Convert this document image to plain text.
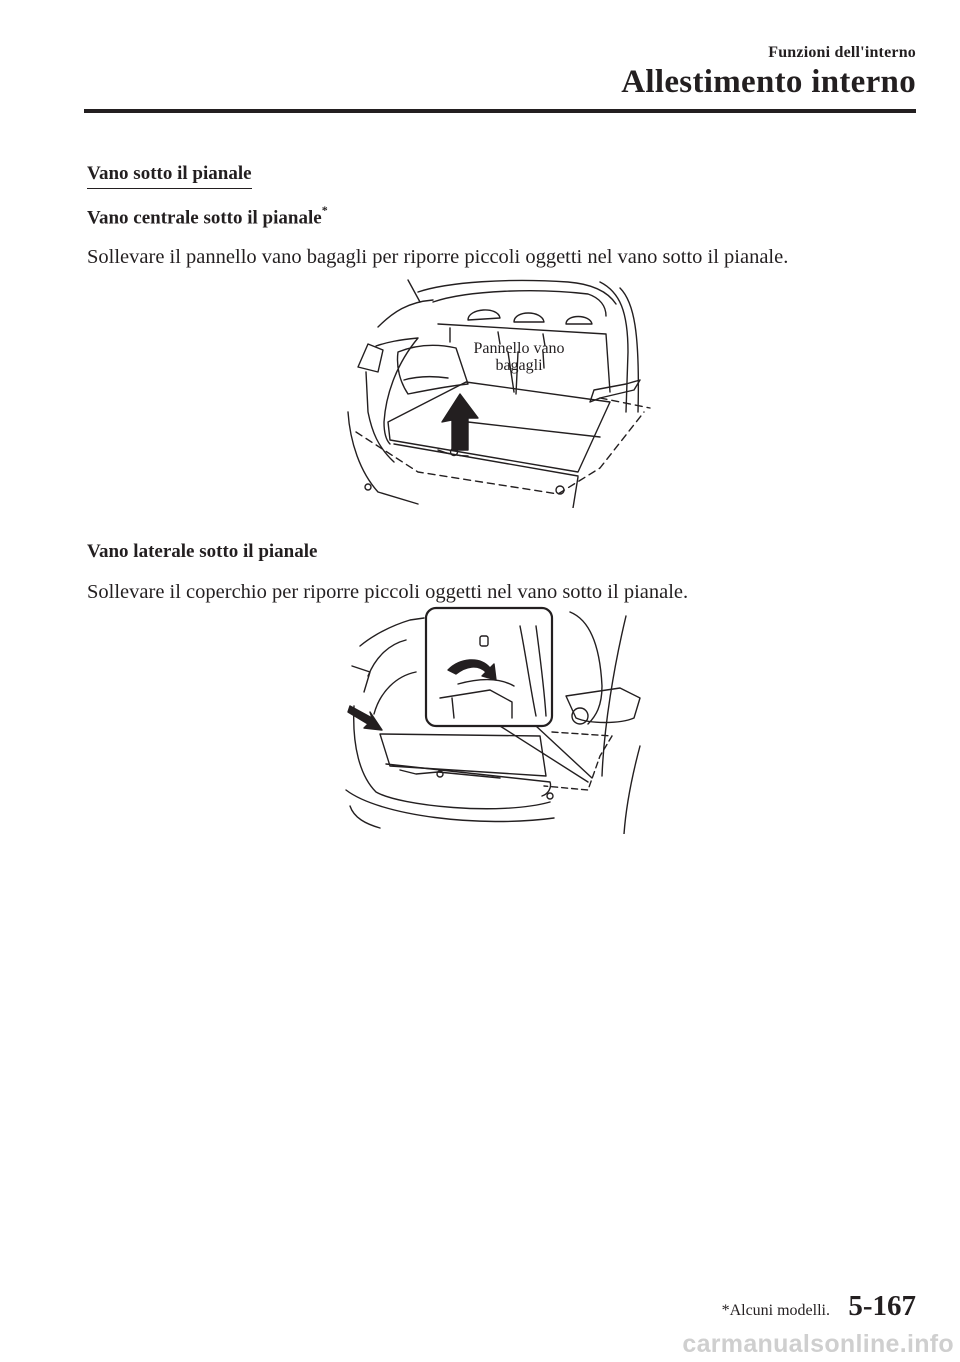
Funzioni dell'interno
Allestimento interno
Vano sotto il pianale
Vano centrale sotto il pianale*
Sollevare il pannello vano bagagli per riporre piccoli oggetti nel vano sotto il pianale.
Pannello vano
bagagli
Vano laterale sotto il pianale
Sollevare il coperchio per riporre piccoli oggetti nel vano sotto il pianale.
*Alcuni modelli. 5-167
carmanualsonline.info
